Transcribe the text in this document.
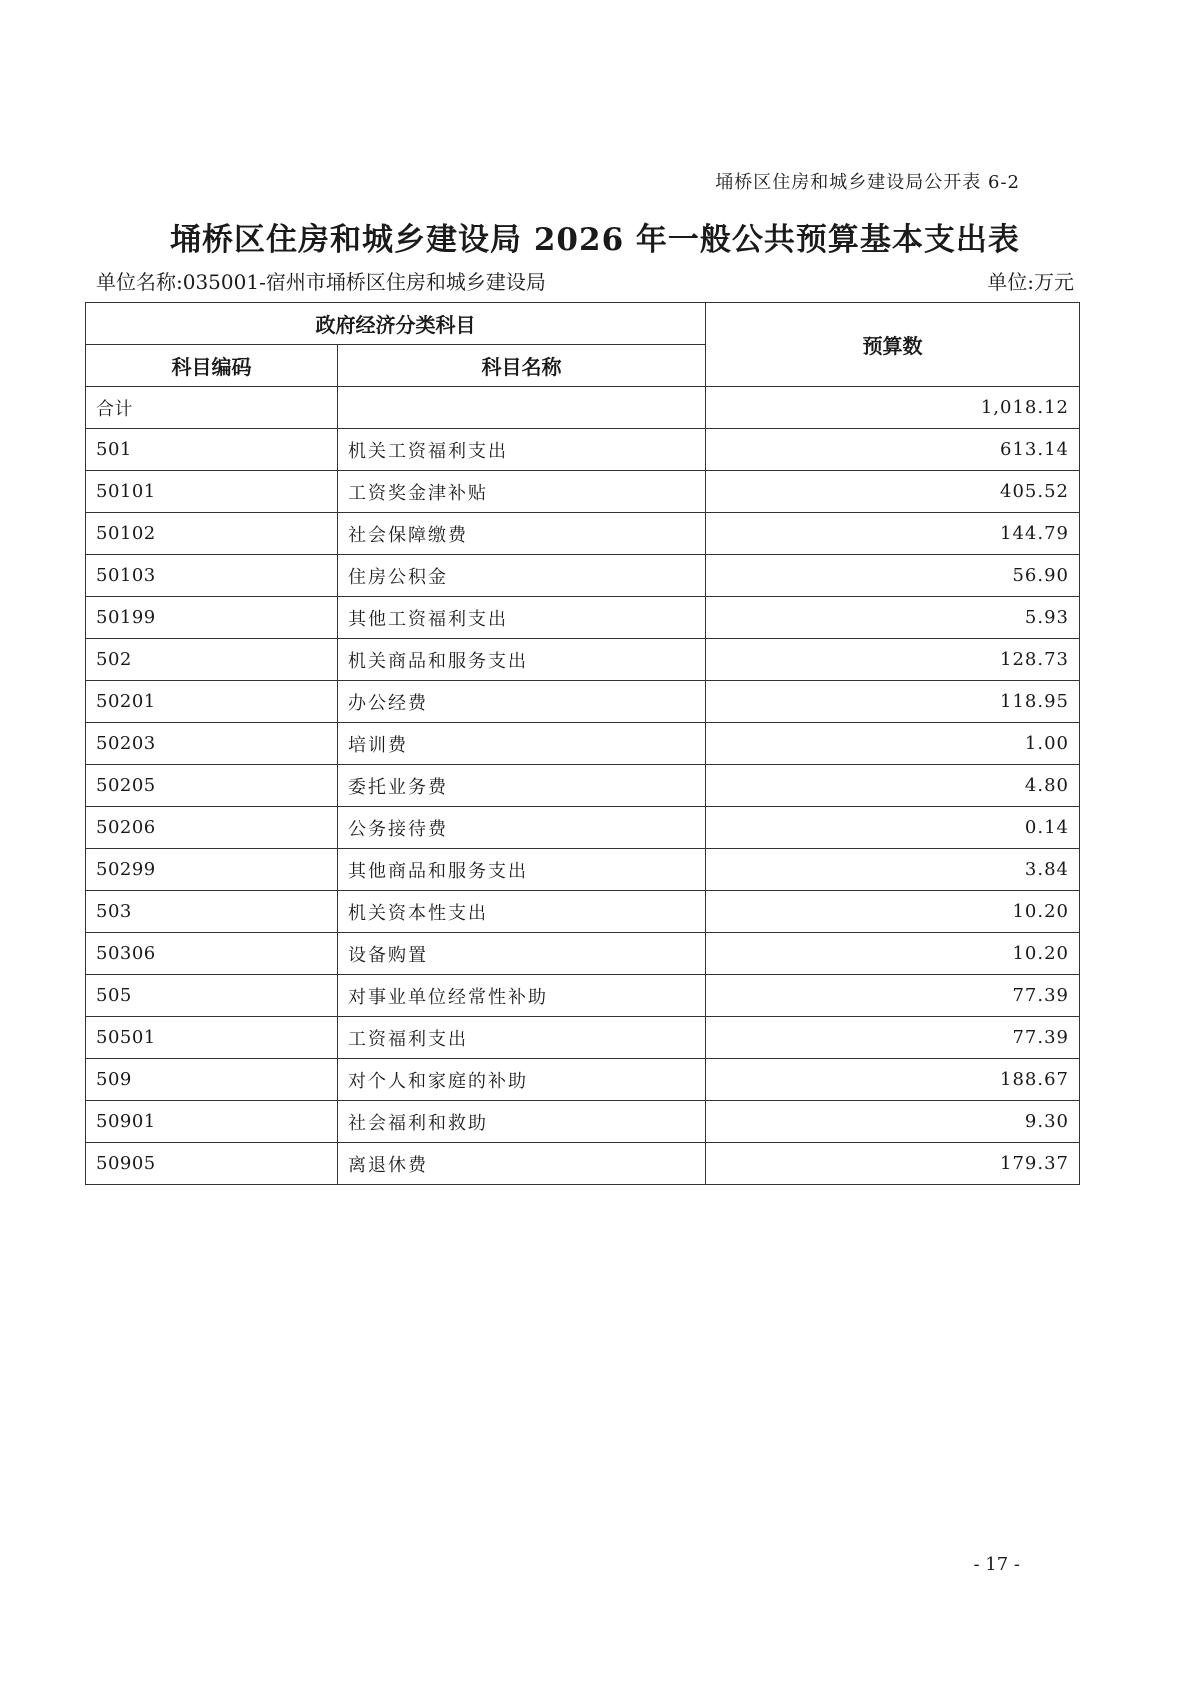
埇桥区住房和城乡建设局公开表 6-2
埇桥区住房和城乡建设局 2026 年一般公共预算基本支出表
单位名称:035001-宿州市埇桥区住房和城乡建设局	单位:万元
政府经济分类科目		预算数
科目编码	科目名称	
合计		1,018.12
501	机关工资福利支出	613.14
50101	工资奖金津补贴	405.52
50102	社会保障缴费	144.79
50103	住房公积金	56.90
50199	其他工资福利支出	5.93
502	机关商品和服务支出	128.73
50201	办公经费	118.95
50203	培训费	1.00
50205	委托业务费	4.80
50206	公务接待费	0.14
50299	其他商品和服务支出	3.84
503	机关资本性支出	10.20
50306	设备购置	10.20
505	对事业单位经常性补助	77.39
50501	工资福利支出	77.39
509	对个人和家庭的补助	188.67
50901	社会福利和救助	9.30
50905	离退休费	179.37
- 17 -
